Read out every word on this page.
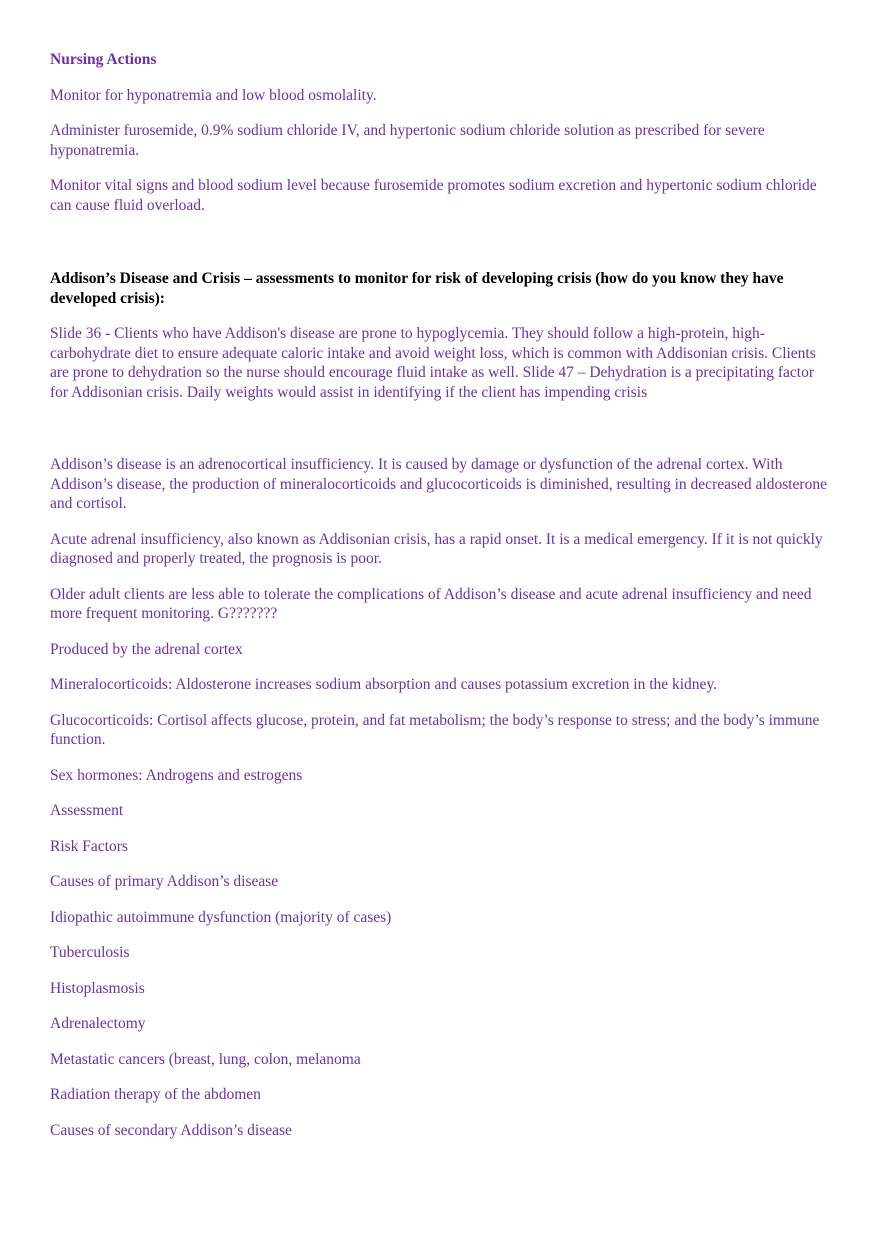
Nursing Actions

Monitor for hyponatremia and low blood osmolality.

Administer furosemide, 0.9% sodium chloride IV, and hypertonic sodium chloride solution as prescribed for severe hyponatremia.

Monitor vital signs and blood sodium level because furosemide promotes sodium excretion and hypertonic sodium chloride can cause fluid overload.

Addison’s Disease and Crisis – assessments to monitor for risk of developing crisis (how do you know they have developed crisis):

Slide 36 - Clients who have Addison's disease are prone to hypoglycemia. They should follow a high-protein, high-carbohydrate diet to ensure adequate caloric intake and avoid weight loss, which is common with Addisonian crisis. Clients are prone to dehydration so the nurse should encourage fluid intake as well. Slide 47 – Dehydration is a precipitating factor for Addisonian crisis. Daily weights would assist in identifying if the client has impending crisis

Addison’s disease is an adrenocortical insufficiency. It is caused by damage or dysfunction of the adrenal cortex. With Addison’s disease, the production of mineralocorticoids and glucocorticoids is diminished, resulting in decreased aldosterone and cortisol.

Acute adrenal insufficiency, also known as Addisonian crisis, has a rapid onset. It is a medical emergency. If it is not quickly diagnosed and properly treated, the prognosis is poor.

Older adult clients are less able to tolerate the complications of Addison’s disease and acute adrenal insufficiency and need more frequent monitoring. G???????

Produced by the adrenal cortex

Mineralocorticoids: Aldosterone increases sodium absorption and causes potassium excretion in the kidney.

Glucocorticoids: Cortisol affects glucose, protein, and fat metabolism; the body’s response to stress; and the body’s immune function.

Sex hormones: Androgens and estrogens

Assessment

Risk Factors

Causes of primary Addison’s disease

Idiopathic autoimmune dysfunction (majority of cases)

Tuberculosis

Histoplasmosis

Adrenalectomy

Metastatic cancers (breast, lung, colon, melanoma

Radiation therapy of the abdomen

Causes of secondary Addison’s disease
